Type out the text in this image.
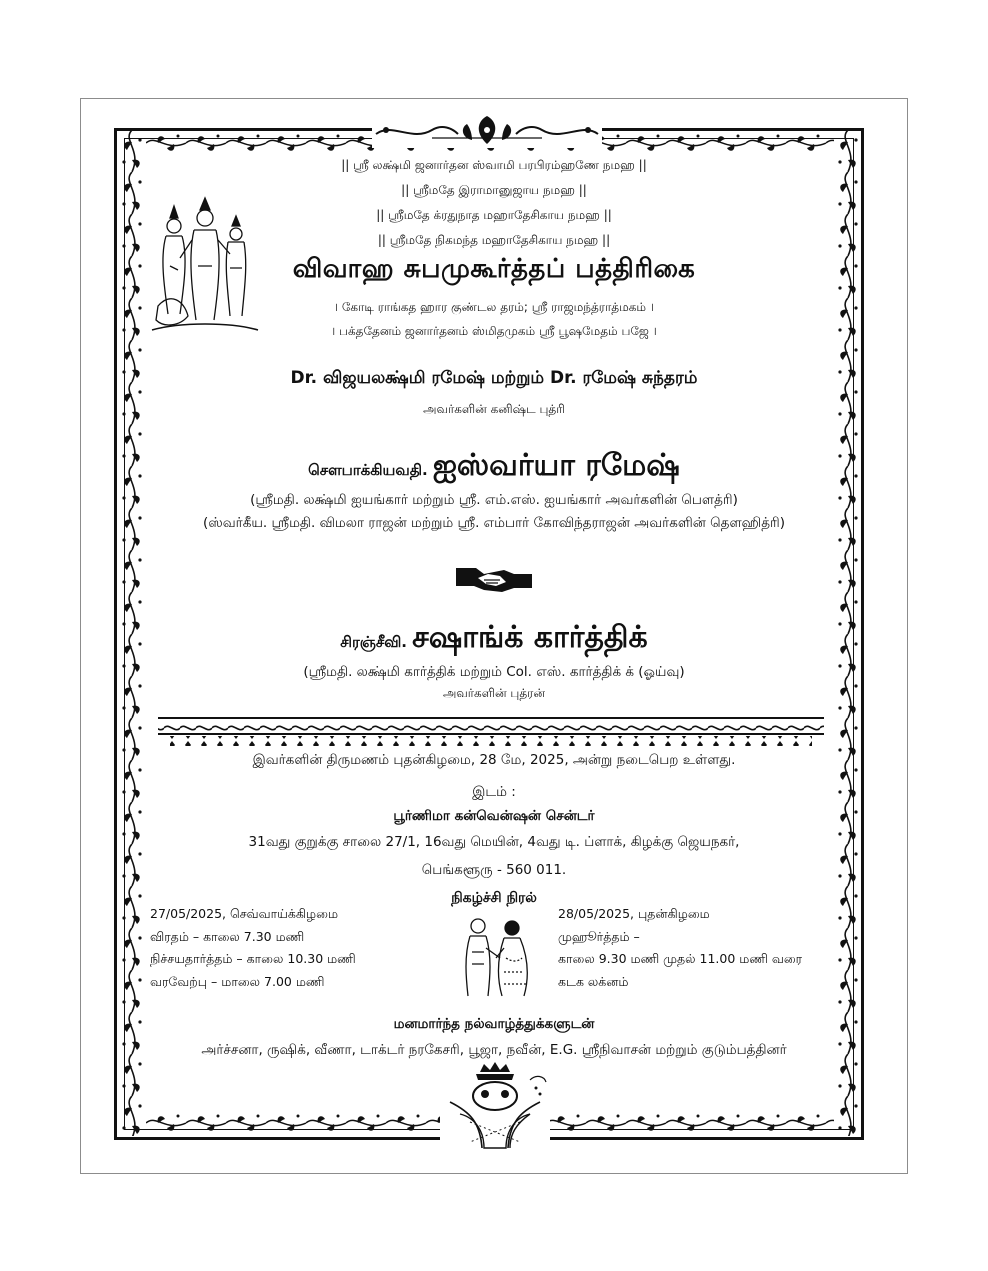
|| ஸ்ரீ லக்ஷ்மி ஜனார்தன ஸ்வாமி பரபிரம்ஹணே நமஹ ||
|| ஸ்ரீமதே இராமானுஜாய நமஹ ||
|| ஸ்ரீமதே க்ரதுநாத மஹாதேசிகாய நமஹ ||
|| ஸ்ரீமதே நிகமந்த மஹாதேசிகாய நமஹ ||
விவாஹ சுபமுகூர்த்தப் பத்திரிகை
। கோடி ராங்கத ஹார குண்டல தரம்; ஸ்ரீ ராஜமந்த்ராத்மகம் ।
। பக்ததேனம் ஜனார்தனம் ஸ்மிதமுகம் ஸ்ரீ பூஷமேதம் பஜே ।
Dr. விஜயலக்ஷ்மி ரமேஷ் மற்றும் Dr. ரமேஷ் சுந்தரம்
அவர்களின் கனிஷ்ட புத்ரி
சௌபாக்கியவதி. ஐஸ்வர்யா ரமேஷ்
(ஸ்ரீமதி. லக்ஷ்மி ஐயங்கார் மற்றும் ஸ்ரீ. எம்.எஸ். ஐயங்கார் அவர்களின் பௌத்ரி)
(ஸ்வர்கீய. ஸ்ரீமதி. விமலா ராஜன் மற்றும் ஸ்ரீ. எம்பார் கோவிந்தராஜன் அவர்களின் தௌஹித்ரி)
சிரஞ்சீவி. சஷாங்க் கார்த்திக்
(ஸ்ரீமதி. லக்ஷ்மி கார்த்திக் மற்றும் Col. எஸ். கார்த்திக் க் (ஓய்வு)
அவர்களின் புத்ரன்
இவர்களின் திருமணம் புதன்கிழமை, 28 மே, 2025, அன்று நடைபெற உள்ளது.
இடம் :
பூர்ணிமா கன்வென்ஷன் சென்டர்
31வது குறுக்கு சாலை 27/1, 16வது மெயின், 4வது டி. ப்ளாக், கிழக்கு ஜெயநகர்,
பெங்களூரு - 560 011.
நிகழ்ச்சி நிரல்
27/05/2025, செவ்வாய்க்கிழமை
விரதம் – காலை 7.30 மணி
நிச்சயதார்த்தம் – காலை 10.30 மணி
வரவேற்பு – மாலை 7.00 மணி
28/05/2025, புதன்கிழமை
முஹூர்த்தம் –
காலை 9.30 மணி முதல் 11.00 மணி வரை
கடக லக்னம்
மனமார்ந்த நல்வாழ்த்துக்களுடன்
அர்ச்சனா, ருஷிக், வீணா, டாக்டர் நரகேசரி, பூஜா, நவீன், E.G. ஸ்ரீநிவாசன் மற்றும் குடும்பத்தினர்
